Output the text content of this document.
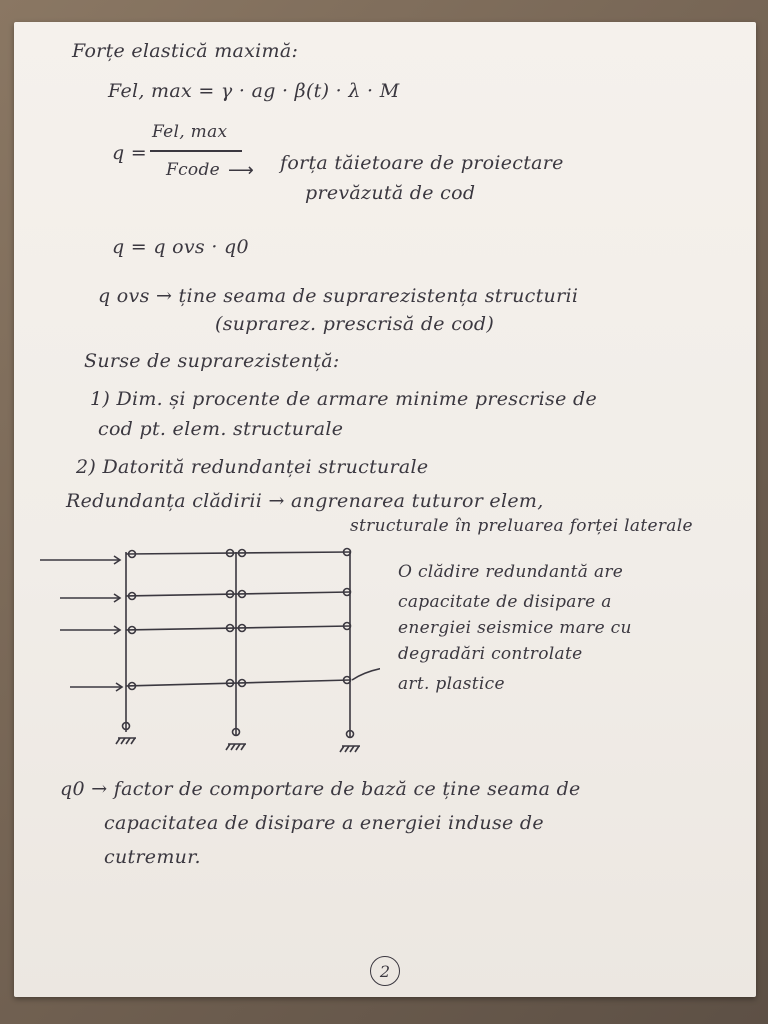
Forțe elastică maximă:
Fel, max = γ · ag · β(t) · λ · M
q =
Fel, max
Fcode ⟶ forța tăietoare de proiectare
prevăzută de cod
q = q ovs · q0
q ovs → ține seama de suprarezistența structurii
(suprarez. prescrisă de cod)
Surse de suprarezistență:
1) Dim. și procente de armare minime prescrise de
cod pt. elem. structurale
2) Datorită redundanței structurale
Redundanța clădirii → angrenarea tuturor elem,
structurale în preluarea forței laterale
O clădire redundantă are
capacitate de disipare a
energiei seismice mare cu
degradări controlate
art. plastice
q0 → factor de comportare de bază ce ține seama de
capacitatea de disipare a energiei induse de
cutremur.
2
